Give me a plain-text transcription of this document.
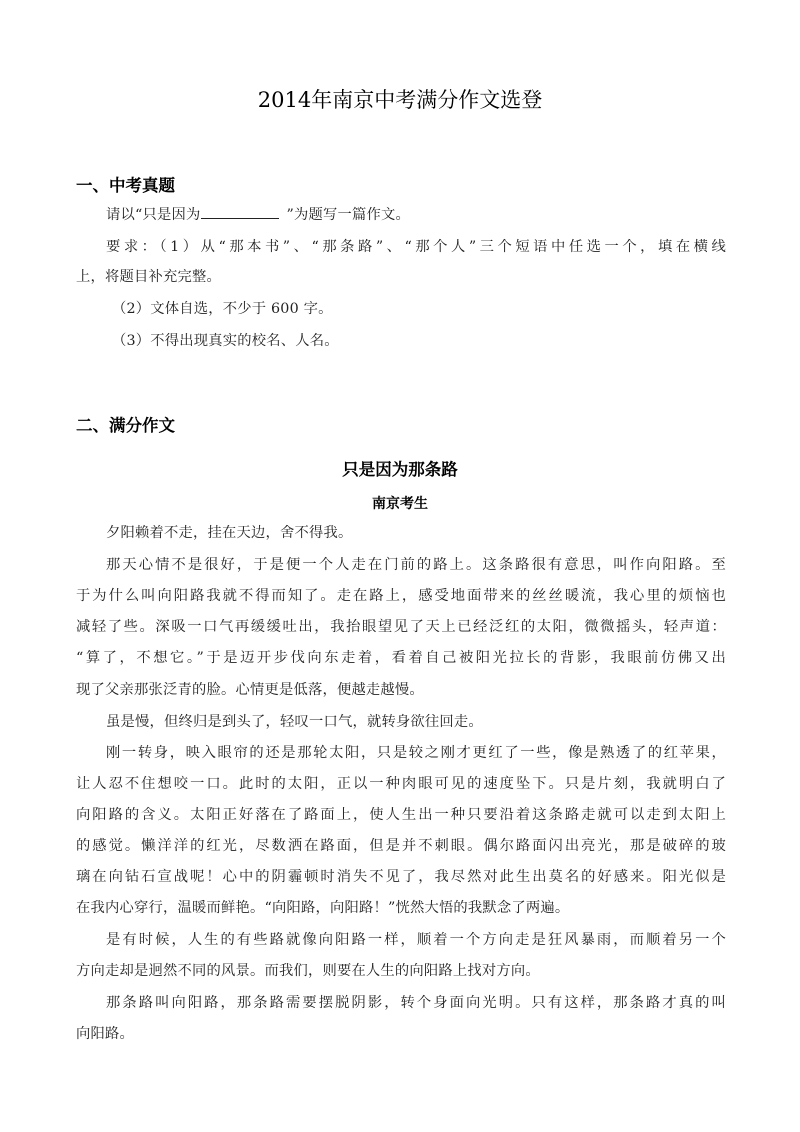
2014年南京中考满分作文选登
一、中考真题
请以“只是因为	”为题写一篇作文。
要求：（1）从“那本书”、“那条路”、“那个人”三个短语中任选一个，填在横线
上，将题目补充完整。
（2）文体自选，不少于 600 字。
（3）不得出现真实的校名、人名。
二、满分作文
只是因为那条路
南京考生
夕阳赖着不走，挂在天边，舍不得我。
那天心情不是很好，于是便一个人走在门前的路上。这条路很有意思，叫作向阳路。至
于为什么叫向阳路我就不得而知了。走在路上，感受地面带来的丝丝暖流，我心里的烦恼也
减轻了些。深吸一口气再缓缓吐出，我抬眼望见了天上已经泛红的太阳，微微摇头，轻声道：
“算了，不想它。”于是迈开步伐向东走着，看着自己被阳光拉长的背影，我眼前仿佛又出
现了父亲那张泛青的脸。心情更是低落，便越走越慢。
虽是慢，但终归是到头了，轻叹一口气，就转身欲往回走。
刚一转身，映入眼帘的还是那轮太阳，只是较之刚才更红了一些，像是熟透了的红苹果，
让人忍不住想咬一口。此时的太阳，正以一种肉眼可见的速度坠下。只是片刻，我就明白了
向阳路的含义。太阳正好落在了路面上，使人生出一种只要沿着这条路走就可以走到太阳上
的感觉。懒洋洋的红光，尽数洒在路面，但是并不刺眼。偶尔路面闪出亮光，那是破碎的玻
璃在向钻石宣战呢！心中的阴霾顿时消失不见了，我尽然对此生出莫名的好感来。阳光似是
在我内心穿行，温暖而鲜艳。“向阳路，向阳路！”恍然大悟的我默念了两遍。
是有时候，人生的有些路就像向阳路一样，顺着一个方向走是狂风暴雨，而顺着另一个
方向走却是迥然不同的风景。而我们，则要在人生的向阳路上找对方向。
那条路叫向阳路，那条路需要摆脱阴影，转个身面向光明。只有这样，那条路才真的叫
向阳路。
